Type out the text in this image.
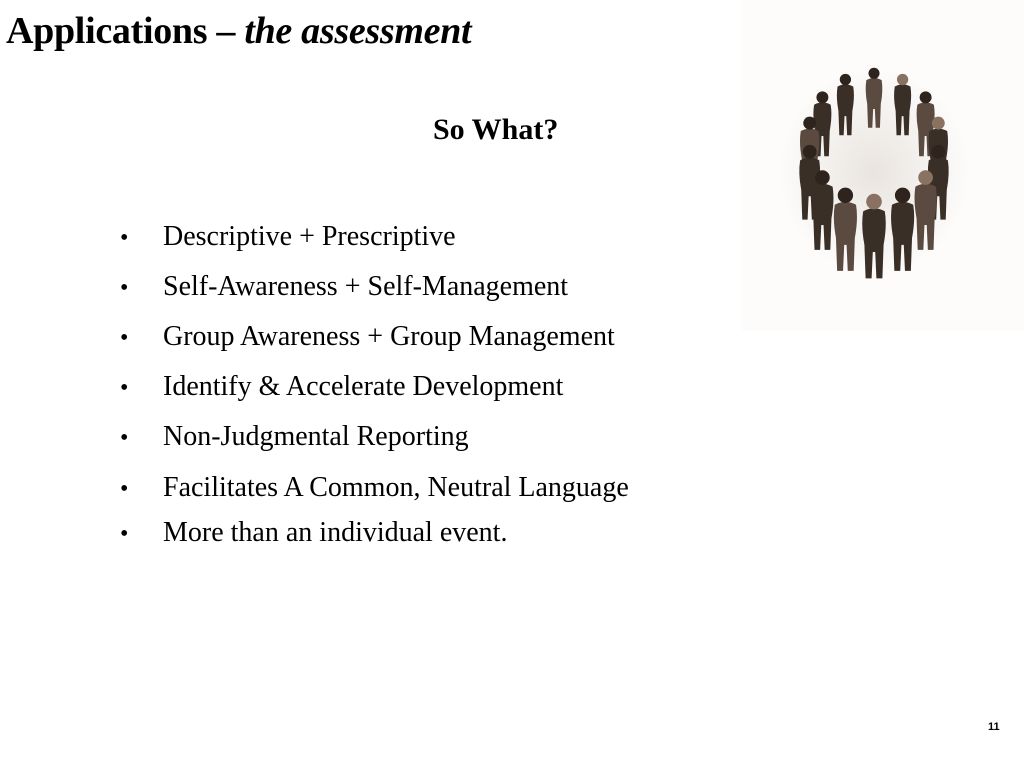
Applications – the assessment
So What?
• Descriptive + Prescriptive
• Self-Awareness + Self-Management
• Group Awareness + Group Management
• Identify & Accelerate Development
• Non-Judgmental Reporting
• Facilitates A Common, Neutral Language
• More than an individual event.
11
